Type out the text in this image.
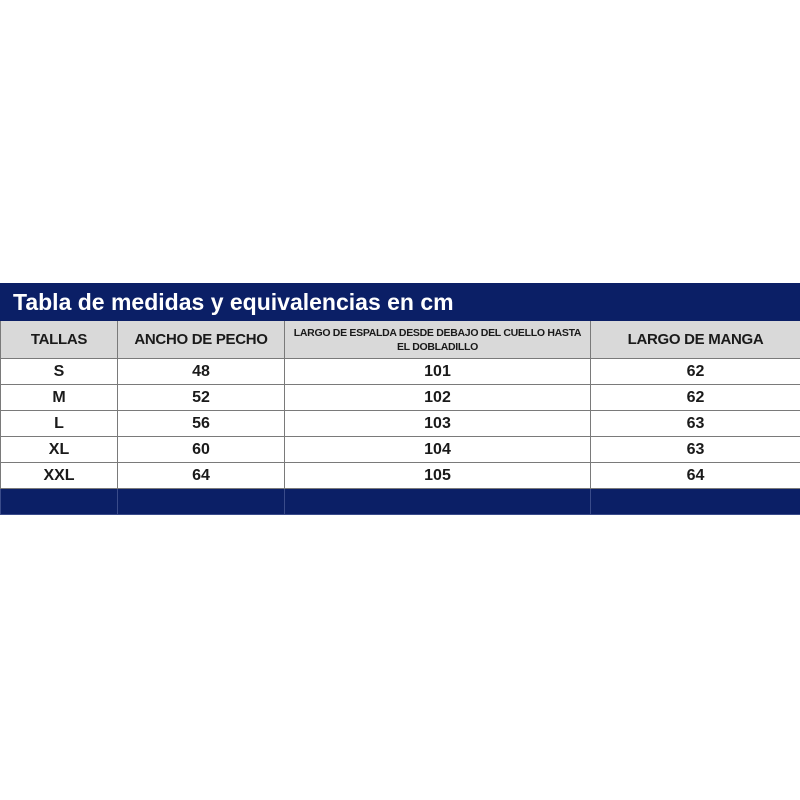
Tabla de medidas y equivalencias en cm			
TALLAS	ANCHO DE PECHO	LARGO DE ESPALDA DESDE DEBAJO DEL CUELLO HASTA EL DOBLADILLO	LARGO DE MANGA
S	48	101	62
M	52	102	62
L	56	103	63
XL	60	104	63
XXL	64	105	64
